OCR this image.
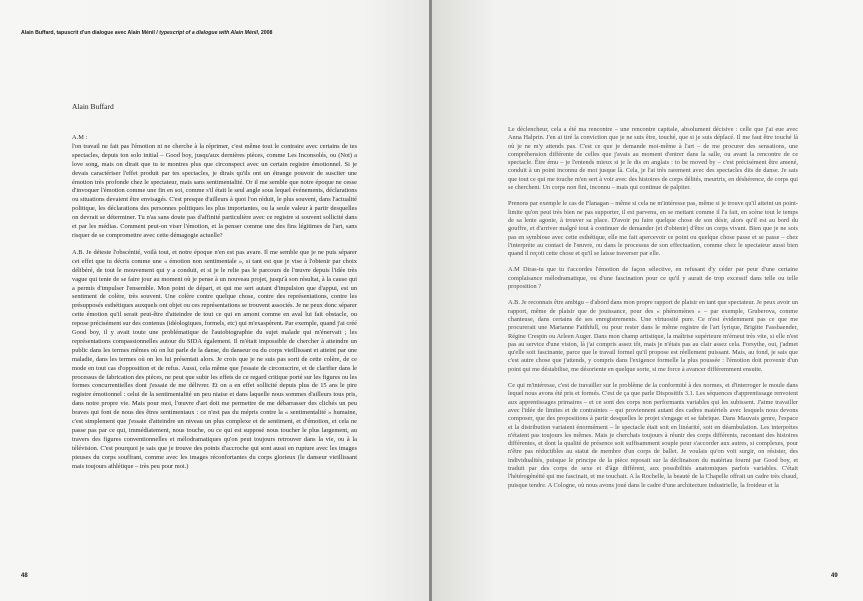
Alain Buffard, tapuscrit d'un dialogue avec Alain Ménil / typescript of a dialogue with Alain Ménil, 2008
Alain Buffard
A.M :
l'on travail ne fait pas l'émotion ni ne cherche à la réprimer, c'est même tout le contraire avec certains de tes spectacles, depuis ton solo initial – Good boy, jusqu'aux dernières pièces, comme Les Inconsolés, ou (Not) a love song, mais on dirait que tu te montres plus que circonspect avec un certain registre émotionnel. Si je devais caractériser l'effet produit par tes spectacles, je dirais qu'ils ont un étrange pouvoir de susciter une émotion très profonde chez le spectateur, mais sans sentimentalité. Or il me semble que notre époque ne cesse d'invoquer l'émotion comme une fin en soi, comme s'il était le seul angle sous lequel événements, déclarations ou situations devaient être envisagés. C'est presque d'ailleurs à quoi l'on réduit, le plus souvent, dans l'actualité politique, les déclarations des personnes politiques les plus importantes, ou la seule valeur à partir desquelles on devrait se déterminer. Tu n'as sans doute pas d'affinité particulière avec ce registre si souvent sollicité dans et par les médias. Comment peut-on viser l'émotion, et la penser comme une des fins légitimes de l'art, sans risquer de se compromettre avec cette démagogie actuelle?
A.B. Je déteste l'obscénité, voilà tout, et notre époque n'en est pas avare. Il me semble que je ne puis séparer cet effet que tu décris comme une « émotion non sentimentale », si tant est que je vise à l'obtenir par choix délibéré, de tout le mouvement qui y a conduit, et si je le relie pas le parcours de l'œuvre depuis l'idée très vague qui tente de se faire jour au moment où je pense à un nouveau projet, jusqu'à son résultat, à la cause qui a permis d'impulser l'ensemble. Mon point de départ, et qui me sert autant d'impulsion que d'appui, est un sentiment de colère, très souvent. Une colère contre quelque chose, contre des représentations, contre les présupposés esthétiques auxquels ont objet ou ces représentations se trouvent associés. Je ne peux donc séparer cette émotion qu'il serait peut-être d'atteindre de tout ce qui en amont comme en aval lui fait obstacle, ou repose précisément sur des contenus (idéologiques, formels, etc) qui m'exaspèrent. Par exemple, quand j'ai créé Good boy, il y avait toute une problématique de l'autobiographie du sujet malade qui m'énervait ; les représentations compassionnelles autour du SIDA également. Il m'était impossible de chercher à atteindre un public dans les termes mêmes où on lui parle de la danse, du danseur ou du corps vieillissant et atteint par une maladie, dans les termes où on les lui présentait alors. Je crois que je ne suis pas sorti de cette colère, de ce mode en tout cas d'opposition et de refus. Aussi, cela même que j'essaie de circonscrire, et de clarifier dans le processus de fabrication des pièces, ne peut que subir les effets de ce regard critique porté sur les figures ou les formes concurrentielles dont j'essaie de me délivrer. Et on a en effet sollicité depuis plus de 15 ans le pire registre émotionnel : celui de la sentimentalité un peu niaise et dans laquelle nous sommes d'ailleurs tous pris, dans notre propre vie. Mais pour moi, l'œuvre d'art doit me permettre de me débarrasser des clichés un peu braves qui font de nous des êtres sentimentaux : ce n'est pas du mépris contre la « sentimentalité » humaine, c'est simplement que j'essaie d'atteindre un niveau un plus complexe et de sentiment, et d'émotion, et cela ne passe pas par ce qui, immédiatement, nous touche, ou ce qui est supposé nous toucher le plus largement, au travers des figures conventionnelles et mélodramatiques qu'on peut toujours retrouver dans la vie, ou à la télévision. C'est pourquoi je sais que je trouve des points d'accroche qui sont aussi en rupture avec les images pieuses du corps souffrant, comme avec les images réconfortantes du corps glorieux (le danseur vieillissant mais toujours athlétique – très peu pour moi.)
48	49
Le déclencheur, cela a été ma rencontre – une rencontre capitale, absolument décisive : celle que j'ai eue avec Anna Halprin. J'en ai tiré la conviction que je ne suis être, touché, que si je suis déplacé. Il me faut être touché là où je ne m'y attends pas. C'est ce que je demande moi-même à l'art – de me procurer des sensations, une compréhension différente de celles que j'avais au moment d'entrer dans la salle, ou avant la rencontre de ce spectacle. Être ému – je l'entends mieux si je le dis en anglais : to be moved by – c'est précisément être amené, conduit à un point inconnu de moi jusque là. Cela, je l'ai très rarement avec des spectacles dits de danse. Je sais que tout ce qui me touche m'en sert à voir avec des histoires de corps délités, meurtris, en déshérence, de corps qui se cherchent. Un corps non fini, inconnu – mais qui continue de palpiter.
Prenons par exemple le cas de Flanagan – même si cela ne m'intéresse pas, même si je trouve qu'il atteint un point-limite qu'on peut très bien ne pas supporter, il est parvenu, en se mettant comme il l'a fait, en scène tout le temps de sa lente agonie, à trouver sa place. D'avoir pu faire quelque chose de son désir, alors qu'il est au bord du gouffre, et d'arriver malgré tout à continuer de demander (et d'obtenir) d'être un corps vivant. Bien que je ne sois pas en symbiose avec cette esthétique, elle me fait apercevoir ce point ou quelque chose passe et se passe – chez l'interprète au contact de l'œuvre, ou dans le processus de son effectuation, comme chez le spectateur aussi bien quand il reçoit cette chose et qu'il se laisse traverser par elle.
A.M Diras-tu que tu t'accordes l'émotion de façon sélective, en refusant d'y céder par peur d'une certaine complaisance mélodramatique, ou d'une fascination pour ce qu'il y aurait de trop excessif dans telle ou telle proposition ?
A.B. Je reconnais être ambigu – d'abord dans mon propre rapport de plaisir en tant que spectateur. Je peux avoir un rapport, même de plaisir que de jouissance, pour des « phénomènes » – par exemple, Gruberova, comme chanteuse, dans certains de ses enregistrements. Une virtuosité pure. Ce n'est évidemment pas ce que me procurerait une Marianne Faithfull, ou pour rester dans le même registre de l'art lyrique, Brigitte Fassbaender, Régine Crespin ou Arleen Auger. Dans mon champ artistique, la maîtrise supérieure m'émeut très vite, si elle n'est pas au service d'une vision, là j'ai compris assez tôt, mais je n'étais pas au clair assez cela. Forsythe, oui, j'admet qu'elle soit fascinante, parce que le travail formel qu'il propose est réellement puissant. Mais, au fond, je sais que c'est autre chose que j'attends, y compris dans l'exigence formelle la plus poussée : l'émotion doit provenir d'un point qui me déstabilise, me désoriente en quelque sorte, si me force à avancer différemment ensuite.
Ce qui m'intéresse, c'est de travailler sur le problème de la conformité à des normes, et d'interroger le moule dans lequel nous avons été pris et formés. C'est de ça que parle Dispositifs 3.1. Les séquences d'apprentissage renvoient aux apprentissages primaires – et ce sont des corps non performants variables qui les subissent. J'aime travailler avec l'idée de limites et de contraintes – qui proviennent autant des cadres matériels avec lesquels nous devons composer, que des propositions à partir desquelles le projet s'engage et se fabrique. Dans Mauvais genre, l'espace et la distribution variaient énormément – le spectacle était soit en linéarité, soit en déambulation. Les interprètes n'étaient pas toujours les mêmes. Mais je cherchais toujours à réunir des corps différents, racontant des histoires différentes, et dont la qualité de présence soit suffisamment souple pour s'accorder aux autres, si complexes, pour n'être pas réductibles au statut de membre d'un corps de ballet. Je voulais qu'on voit surgir, on résister, des individualités, puisque le principe de la pièce reposait sur la déclinaison du matériau fourni par Good boy, et traduit par des corps de sexe et d'âge différent, aux possibilités anatomiques parfois variables. C'était l'hétérogénéité qui me fascinait, et me touchait. A la Rochelle, la beauté de la Chapelle offrait un cadre très chaud, puisque tendre. A Cologne, où nous avons joué dans le cadre d'une architecture industrielle, la froideur et la
